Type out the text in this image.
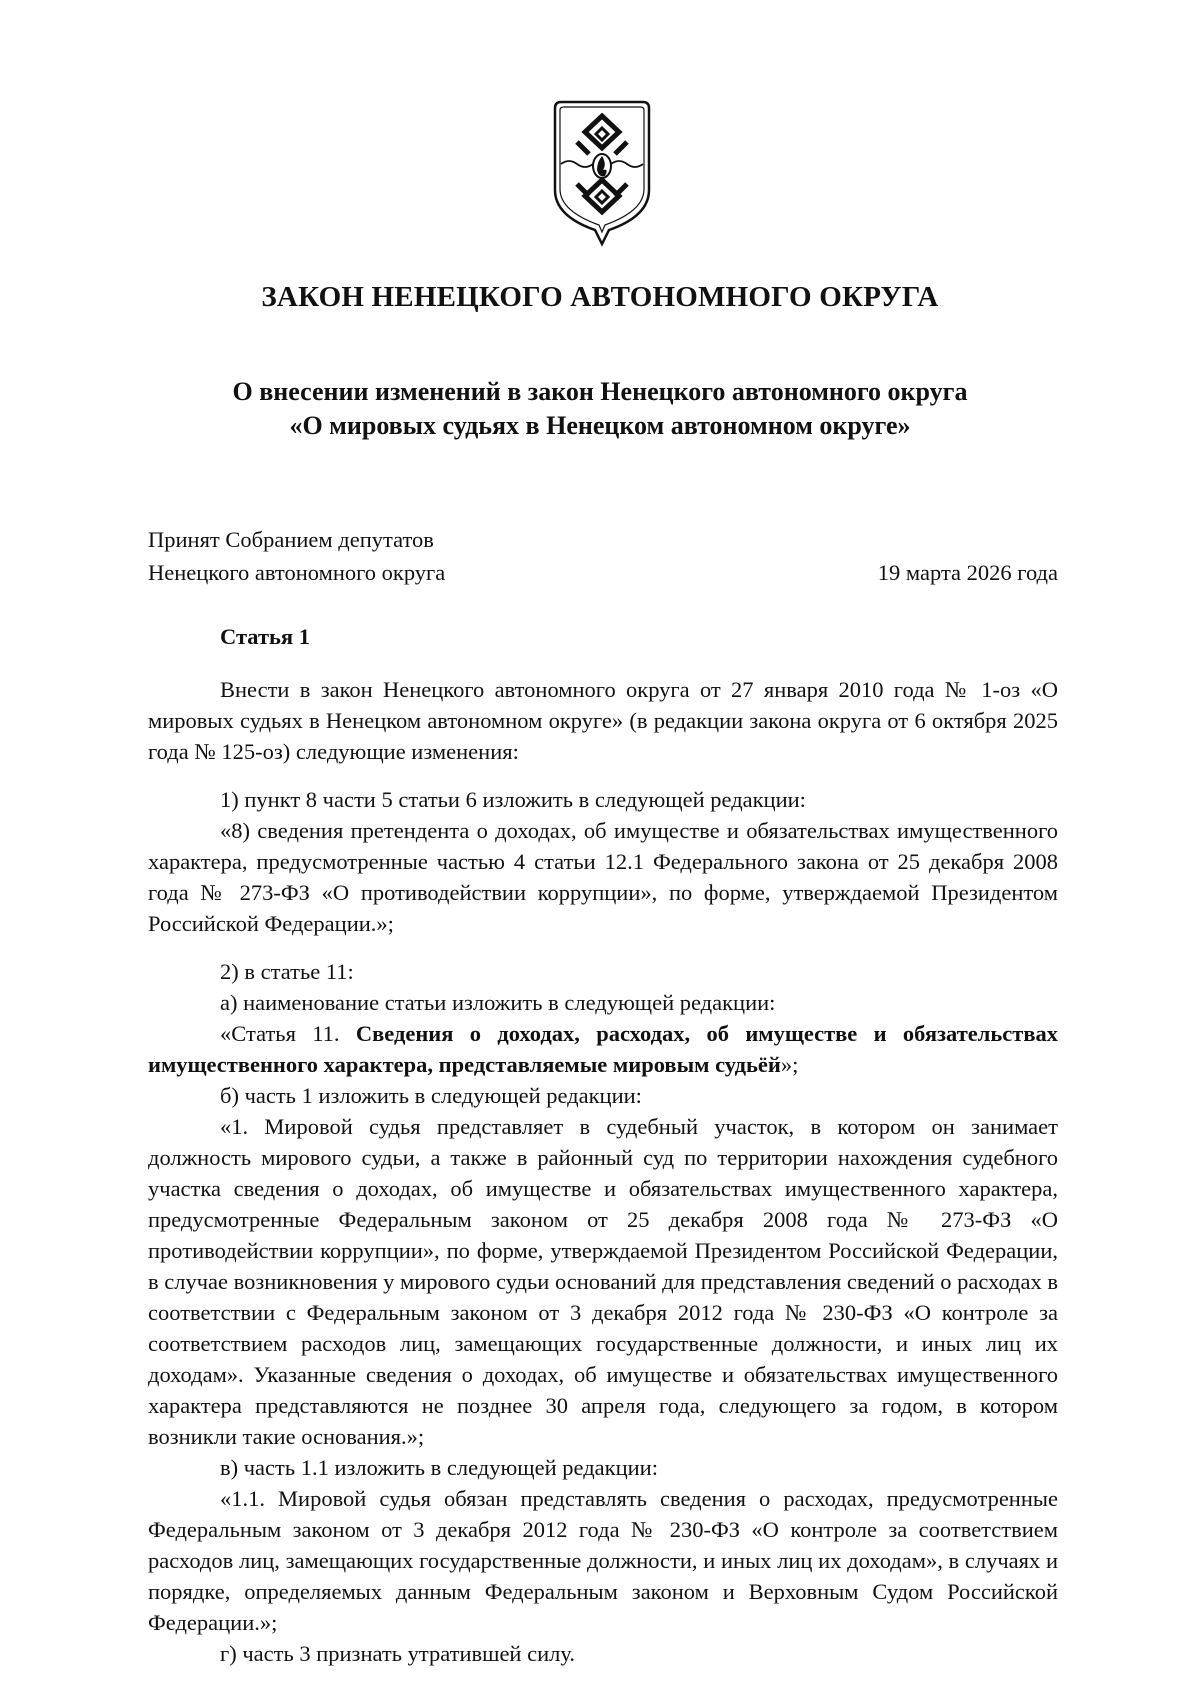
ЗАКОН НЕНЕЦКОГО АВТОНОМНОГО ОКРУГА
О внесении изменений в закон Ненецкого автономного округа
«О мировых судьях в Ненецком автономном округе»
Принят Собранием депутатов
Ненецкого автономного округа	19 марта 2026 года
Статья 1

Внести в закон Ненецкого автономного округа от 27 января 2010 года № 1-оз «О мировых судьях в Ненецком автономном округе» (в редакции закона округа от 6 октября 2025 года № 125-оз) следующие изменения:

1) пункт 8 части 5 статьи 6 изложить в следующей редакции:

«8) сведения претендента о доходах, об имуществе и обязательствах имущественного характера, предусмотренные частью 4 статьи 12.1 Федерального закона от 25 декабря 2008 года № 273-ФЗ «О противодействии коррупции», по форме, утверждаемой Президентом Российской Федерации.»;

2) в статье 11:

а) наименование статьи изложить в следующей редакции:

«Статья 11. Сведения о доходах, расходах, об имуществе и обязательствах имущественного характера, представляемые мировым судьёй»;

б) часть 1 изложить в следующей редакции:

«1. Мировой судья представляет в судебный участок, в котором он занимает должность мирового судьи, а также в районный суд по территории нахождения судебного участка сведения о доходах, об имуществе и обязательствах имущественного характера, предусмотренные Федеральным законом от 25 декабря 2008 года № 273-ФЗ «О противодействии коррупции», по форме, утверждаемой Президентом Российской Федерации, в случае возникновения у мирового судьи оснований для представления сведений о расходах в соответствии с Федеральным законом от 3 декабря 2012 года № 230-ФЗ «О контроле за соответствием расходов лиц, замещающих государственные должности, и иных лиц их доходам». Указанные сведения о доходах, об имуществе и обязательствах имущественного характера представляются не позднее 30 апреля года, следующего за годом, в котором возникли такие основания.»;

в) часть 1.1 изложить в следующей редакции:

«1.1. Мировой судья обязан представлять сведения о расходах, предусмотренные Федеральным законом от 3 декабря 2012 года № 230-ФЗ «О контроле за соответствием расходов лиц, замещающих государственные должности, и иных лиц их доходам», в случаях и порядке, определяемых данным Федеральным законом и Верховным Судом Российской Федерации.»;

г) часть 3 признать утратившей силу.
